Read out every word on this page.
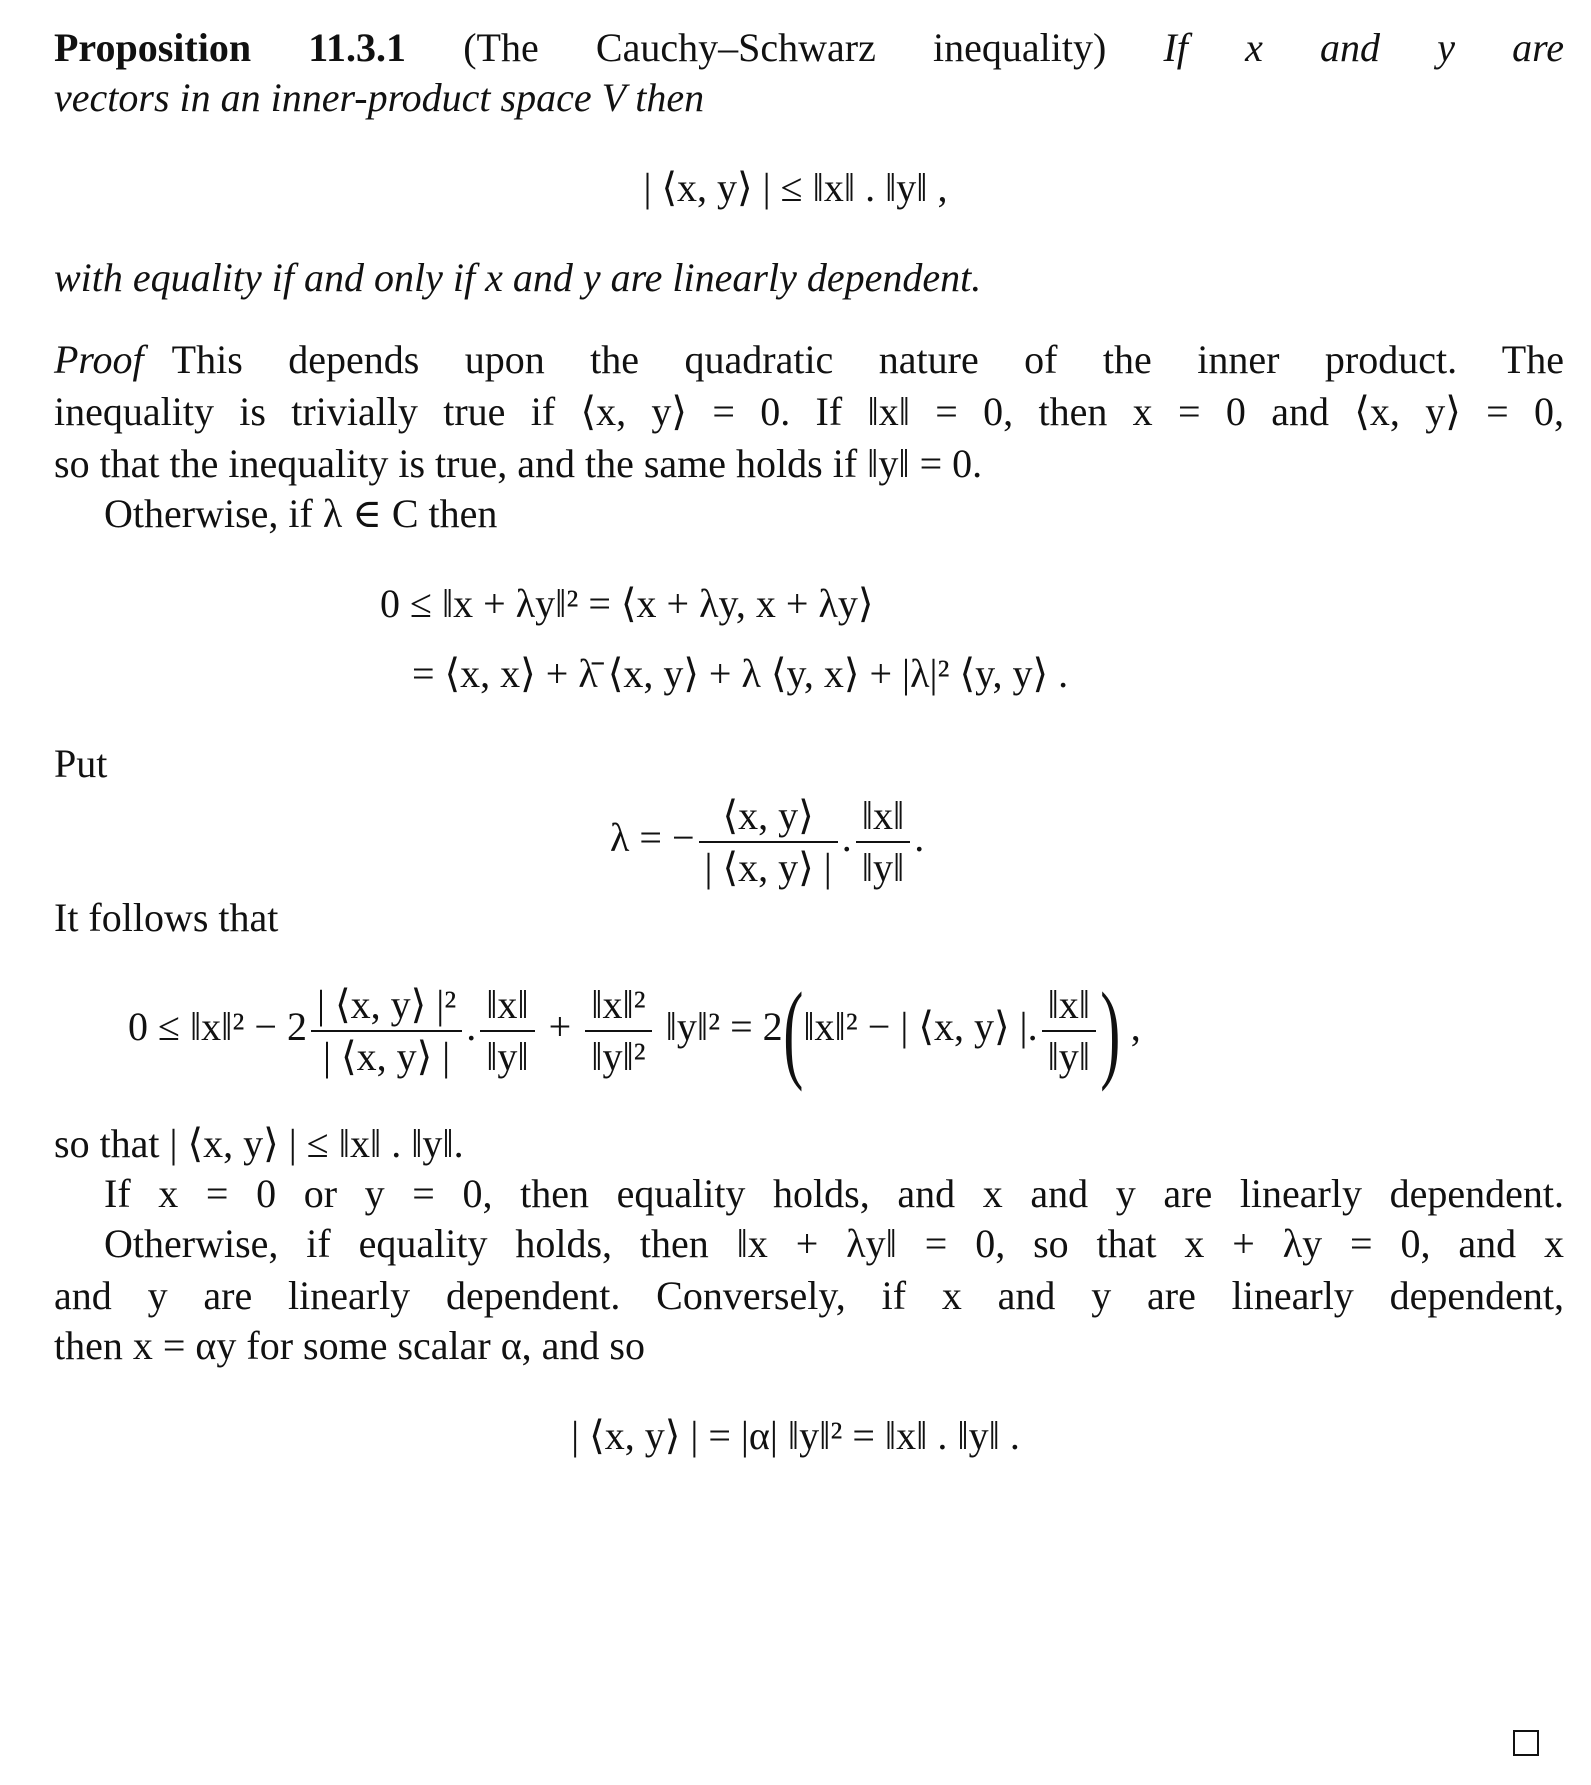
Proposition 11.3.1 (The Cauchy–Schwarz inequality) If x and y are
vectors in an inner-product space V then
| ⟨x, y⟩ | ≤ ‖x‖ . ‖y‖ ,
with equality if and only if x and y are linearly dependent.
Proof This depends upon the quadratic nature of the inner product. The
inequality is trivially true if ⟨x, y⟩ = 0. If ‖x‖ = 0, then x = 0 and ⟨x, y⟩ = 0,
so that the inequality is true, and the same holds if ‖y‖ = 0.
Otherwise, if λ ∈ C then
0 ≤ ‖x + λy‖² = ⟨x + λy, x + λy⟩
= ⟨x, x⟩ + λ̄ ⟨x, y⟩ + λ ⟨y, x⟩ + |λ|² ⟨y, y⟩ .
Put
λ = − $\frac{⟨x, y⟩}{| ⟨x, y⟩ |}$ . $\frac{‖x‖}{‖y‖}$ .
It follows that
0 ≤ ‖x‖² − $2 \frac{\text{| ⟨x, y⟩ |²}}{| ⟨x, y⟩ |}$ . $\frac{‖x‖}{‖y‖} + \frac{\text{‖x‖²}}{\text{‖y‖²}}$ ‖y‖² = 2(‖x‖² − | ⟨x, y⟩ |. $\frac{‖x‖}{‖y‖}$ ) ,
so that | ⟨x, y⟩ | ≤ ‖x‖ . ‖y‖.
If x = 0 or y = 0, then equality holds, and x and y are linearly dependent.
Otherwise, if equality holds, then ‖x + λy‖ = 0, so that x + λy = 0, and x
and y are linearly dependent. Conversely, if x and y are linearly dependent,
then x = αy for some scalar α, and so
| ⟨x, y⟩ | = |α| ‖y‖² = ‖x‖ . ‖y‖ .
